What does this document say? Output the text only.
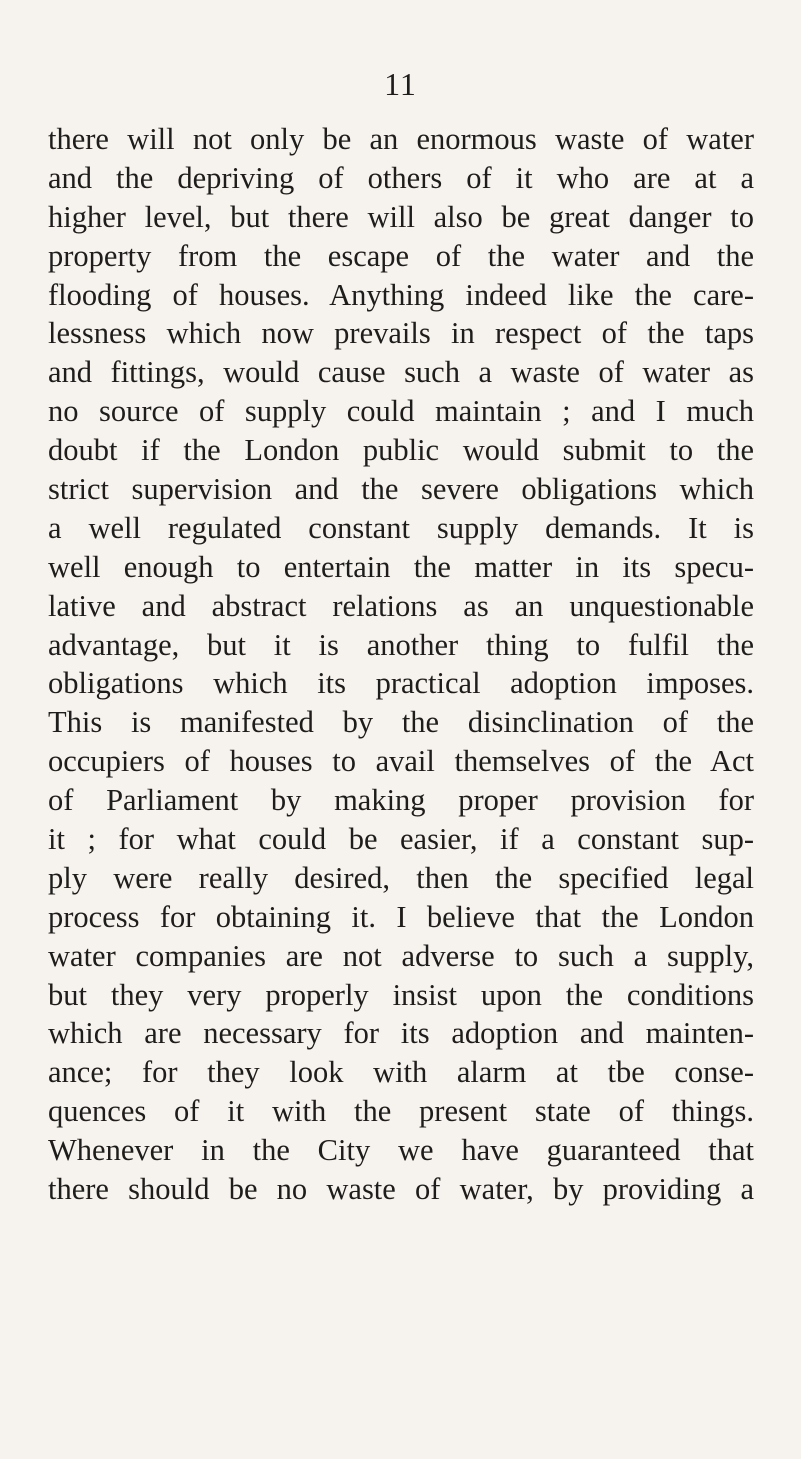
11
there will not only be an enormous waste of water
and the depriving of others of it who are at a
higher level, but there will also be great danger to
property from the escape of the water and the
flooding of houses. Anything indeed like the care-
lessness which now prevails in respect of the taps
and fittings, would cause such a waste of water as
no source of supply could maintain ; and I much
doubt if the London public would submit to the
strict supervision and the severe obligations which
a well regulated constant supply demands. It is
well enough to entertain the matter in its specu-
lative and abstract relations as an unquestionable
advantage, but it is another thing to fulfil the
obligations which its practical adoption imposes.
This is manifested by the disinclination of the
occupiers of houses to avail themselves of the Act
of Parliament by making proper provision for
it ; for what could be easier, if a constant sup-
ply were really desired, then the specified legal
process for obtaining it. I believe that the London
water companies are not adverse to such a supply,
but they very properly insist upon the conditions
which are necessary for its adoption and mainten-
ance; for they look with alarm at tbe conse-
quences of it with the present state of things.
Whenever in the City we have guaranteed that
there should be no waste of water, by providing a
